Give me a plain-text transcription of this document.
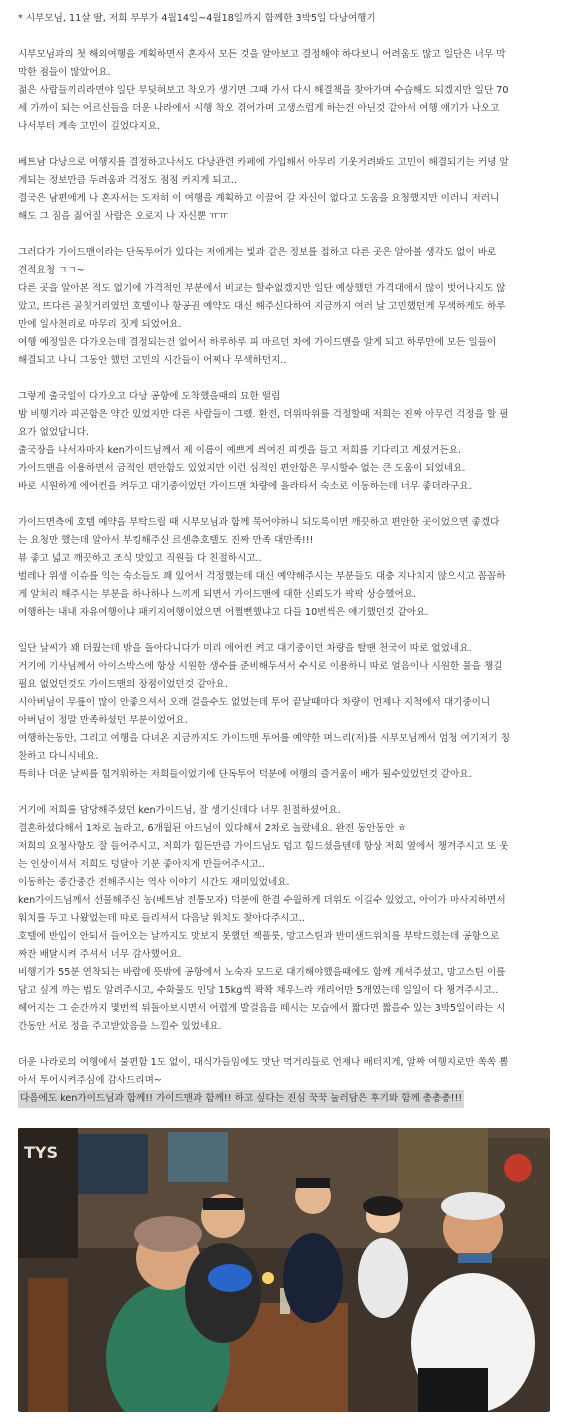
* 시부모님, 11살 딸, 저희 부부가 4월14일~4월18일까지 함께한 3박5일 다낭여행기
시부모님과의 첫 해외여행을 계획하면서 혼자서 모든 것을 알아보고 결정해야 하다보니 어려움도 많고 일단은 너무 막
막한 점들이 많았어요.
젊은 사람들끼리라면야 일단 부딪혀보고 착오가 생기면 그때 가서 다시 해결책을 찾아가며 수습해도 되겠지만 일단 70
세 가까이 되는 어르신들을 더운 나라에서 시행 착오 겪어가며 고생스럽게 하는건 아닌것 같아서 여행 얘기가 나오고
나서부터 계속 고민이 깊었다지요.
베트남 다낭으로 여행지를 결정하고나서도 다낭관련 카페에 가입해서 아무리 기웃거려봐도 고민이 해결되기는 커녕 알
게되는 정보만큼 두려움과 걱정도 점점 커지게 되고..
결국은 남편에게 나 혼자서는 도저히 이 여행을 계획하고 이끌어 갈 자신이 없다고 도움을 요청했지만 이러니 저러니
해도 그 짐을 짊어질 사람은 오로지 나 자신뿐 ㅠㅠ
그러다가 가이드맨이라는 단독투어가 있다는 저에게는 빛과 같은 정보를 접하고 다른 곳은 알아볼 생각도 없이 바로
견적요청 ㄱㄱ~
다른 곳을 알아본 적도 없기에 가격적인 부분에서 비교는 할수없겠지만 일단 예상했던 가격대에서 많이 벗어나지도 않
았고, 뜨다른 골칫거리였던 호텔이나 항공권 예약도 대신 해주신다하여 지금까지 여러 날 고민했던게 무색하게도 하루
만에 일사천리로 마무리 짓게 되었어요.
여행 예정일은 다가오는데 결정되는건 없어서 하루하루 피 마르던 차에 가이드맨을 알게 되고 하루만에 모든 일들이
해결되고 나니 그동안 했던 고민의 시간들이 어찌나 무색하던지..
그렇게 출국일이 다가오고 다낭 공항에 도착했을때의 묘한 떨림
밤 비행기라 피곤함은 약간 있었지만 다른 사람들이 그랬. 환전, 더위따위를 걱정할때 저희는 진짜 아무런 걱정을 할 필
요가 없었답니다.
출국장을 나서자마자 ken가이드님께서 제 이름이 예쁘게 씌여진 피켓을 들고 저희를 기다리고 계셨거든요.
가이드맨을 이용하면서 금적인 편안함도 있었지만 이런 심적인 편안함은 무시할수 없는 큰 도움이 되었네요.
바로 시원하게 에어컨을 켜두고 대기중이었던 가이드맨 차량에 올라타서 숙소로 이동하는데 너무 좋더라구요.
가이드면측에 호텔 예약을 부탁드릴 때 시부모님과 함께 묵어야하니 되도록이면 깨끗하고 편안한 곳이었으면 좋겠다
는 요청만 했는데 알아서 부킹해주신 르센츄호텔도 진짜 만족 대만족!!!
뷰 좋고 넓고 깨끗하고 조식 맛있고 직원들 다 친절하시고..
벌레나 위생 이슈를 익는 숙소들도 꽤 있어서 걱정했는데 대신 예약해주시는 부분들도 대충 지나치지 않으시고 꼼꼼하
게 알처리 해주시는 부분을 하나하나 느끼게 되면서 가이드맨에 대한 신뢰도가 팍팍 상승했어요.
여행하는 내내 자유여행이냐 패키지여행이었으면 어쩔뻔했냐고 다들 10번씩은 얘기했던것 같아요.
일단 날씨가 꽤 더웠는데 밖을 돌아다니다가 미리 에어컨 켜고 대기중이던 차량을 탈땐 천국이 따로 없었네요.
거기에 기사님께서 아이스박스에 항상 시원한 생수를 준비해두셔서 수시로 이용하니 따로 얼음이나 시원한 물을 챙길
필요 없었던것도 가이드맨의 장점이었던것 같아요.
시아버님이 무릎이 많이 안좋으셔서 오래 걸을수도 없었는데 투어 끝날때마다 차량이 언제나 지척에서 대기중이니
아버님이 정말 만족하셨던 부분이었어요.
여행하는동안, 그리고 여행을 다녀온 지금까지도 가이드맨 투어를 예약한 며느리(저)를 시부모님께서 엄청 여기저기 칭
찬하고 다니시네요.
특히나 더운 날씨를 힘겨워하는 저희들이었기에 단독투어 덕분에 여행의 즐거움이 배가 될수있었던것 같아요.
거기에 저희를 담당해주셨던 ken가이드님, 잘 생기신데다 너무 친절하셨어요.
결혼하셨다해서 1차로 놀라고, 6개월된 아드님이 있다해서 2차로 놀랐네요. 완전 동안동안 ㅎ
저희의 요청사항도 잘 들어주시고, 저희가 힘든만큼 가이드님도 덥고 힘드셨을텐데 항상 저희 옆에서 챙겨주시고 또 웃
는 인상이셔서 저희도 덩달아 기분 좋아지게 만들어주시고..
이동하는 중간중간 전해주시는 역사 이야기 시간도 재미있었네요.
ken가이드님께서 선물해주신 농(베트남 전통모자) 덕분에 한결 수월하게 더위도 이길수 있었고, 아이가 마사지하면서
워치를 두고 나왔었는데 따로 들리셔서 다음날 워치도 찾아다주시고..
호텔에 반입이 안되서 들어오는 날까지도 맛보지 못했던 젝플룻, 망고스틴과 반미샌드위치를 부탁드렸는데 공항으로
짜잔 배달시켜 주셔서 너무 감사했어요.
비행기가 55분 연착되는 바람에 뜻밖에 공항에서 노숙자 모드로 대기해야했을때에도 함께 계셔주셨고, 망고스틴 이를
담고 싶게 까는 법도 알려주시고, 수화물도 인당 15kg씩 꽉꽉 채우느라 캐리어만 5개였는데 일일이 다 챙겨주시고..
헤어지는 그 순간까지 몇번씩 뒤돌아보시면서 어렵게 발걸음을 떼시는 모습에서 짧다면 짧을수 있는 3박5일이라는 시
간동안 서로 정을 주고받았음을 느낄수 있었네요.
더운 나라로의 여행에서 불편함 1도 없이, 대식가들임에도 맛난 먹거리들로 언제나 배터지게, 알짜 여행지로만 쏙쏙 뽑
아서 투어시켜주심에 감사드리며~
다음에도 ken가이드님과 함께!! 가이드맨과 함께!! 하고 싶다는 진심 꾹꾹 눌러담은 후기와 함께 총총총!!!
TYS
